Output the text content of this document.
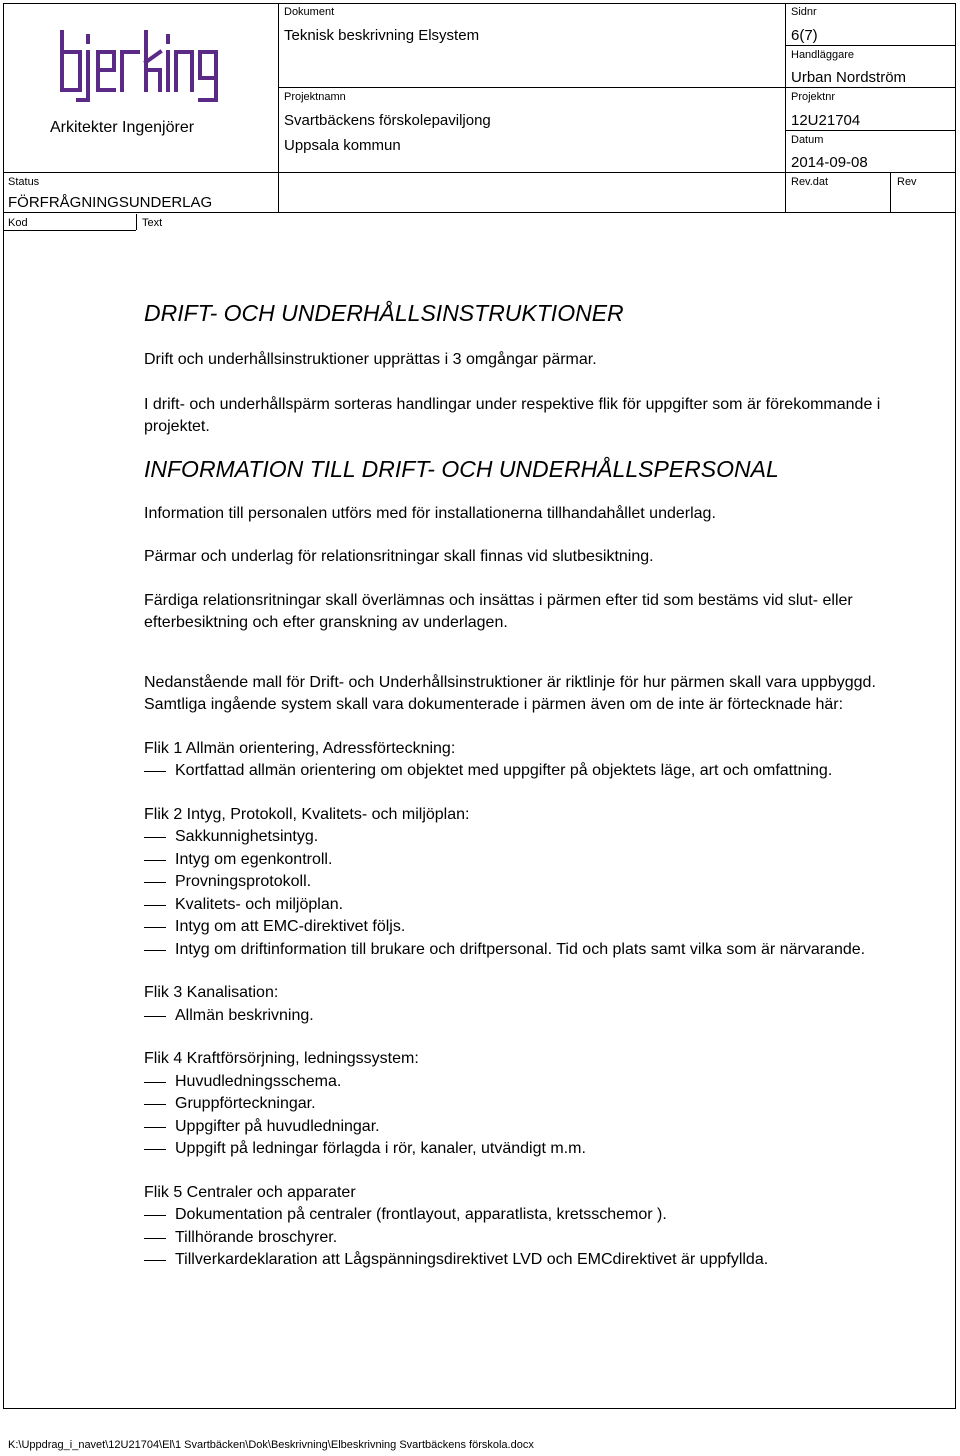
Arkitekter Ingenjörer
Status
FÖRFRÅGNINGSUNDERLAG
Kod	Text
Dokument
Teknisk beskrivning Elsystem
Projektnamn
Svartbäckens förskolepaviljong
Uppsala kommun
Sidnr
6(7)
Handläggare
Urban Nordström
Projektnr
12U21704
Datum
2014-09-08
Rev.dat	Rev
DRIFT- OCH UNDERHÅLLSINSTRUKTIONER

Drift och underhållsinstruktioner upprättas i 3 omgångar pärmar.

I drift- och underhållspärm sorteras handlingar under respektive flik för uppgifter som är förekommande i projektet.

INFORMATION TILL DRIFT- OCH UNDERHÅLLSPERSONAL

Information till personalen utförs med för installationerna tillhandahållet underlag.

Pärmar och underlag för relationsritningar skall finnas vid slutbesiktning.

Färdiga relationsritningar skall överlämnas och insättas i pärmen efter tid som bestäms vid slut- eller efterbesiktning och efter granskning av underlagen.

Nedanstående mall för Drift- och Underhållsinstruktioner är riktlinje för hur pärmen skall vara uppbyggd. Samtliga ingående system skall vara dokumenterade i pärmen även om de inte är förtecknade här:

Flik 1 Allmän orientering, Adressförteckning:

Kortfattad allmän orientering om objektet med uppgifter på objektets läge, art och omfattning.

Flik 2 Intyg, Protokoll, Kvalitets- och miljöplan:

Sakkunnighetsintyg.
Intyg om egenkontroll.
Provningsprotokoll.
Kvalitets- och miljöplan.
Intyg om att EMC-direktivet följs.
Intyg om driftinformation till brukare och driftpersonal. Tid och plats samt vilka som är närvarande.

Flik 3 Kanalisation:

Allmän beskrivning.

Flik 4 Kraftförsörjning, ledningssystem:

Huvudledningsschema.
Gruppförteckningar.
Uppgifter på huvudledningar.
Uppgift på ledningar förlagda i rör, kanaler, utvändigt m.m.

Flik 5 Centraler och apparater

Dokumentation på centraler (frontlayout, apparatlista, kretsschemor ).
Tillhörande broschyrer.
Tillverkardeklaration att Lågspänningsdirektivet LVD och EMCdirektivet är uppfyllda.
K:\Uppdrag_i_navet\12U21704\El\1 Svartbäcken\Dok\Beskrivning\Elbeskrivning Svartbäckens förskola.docx
